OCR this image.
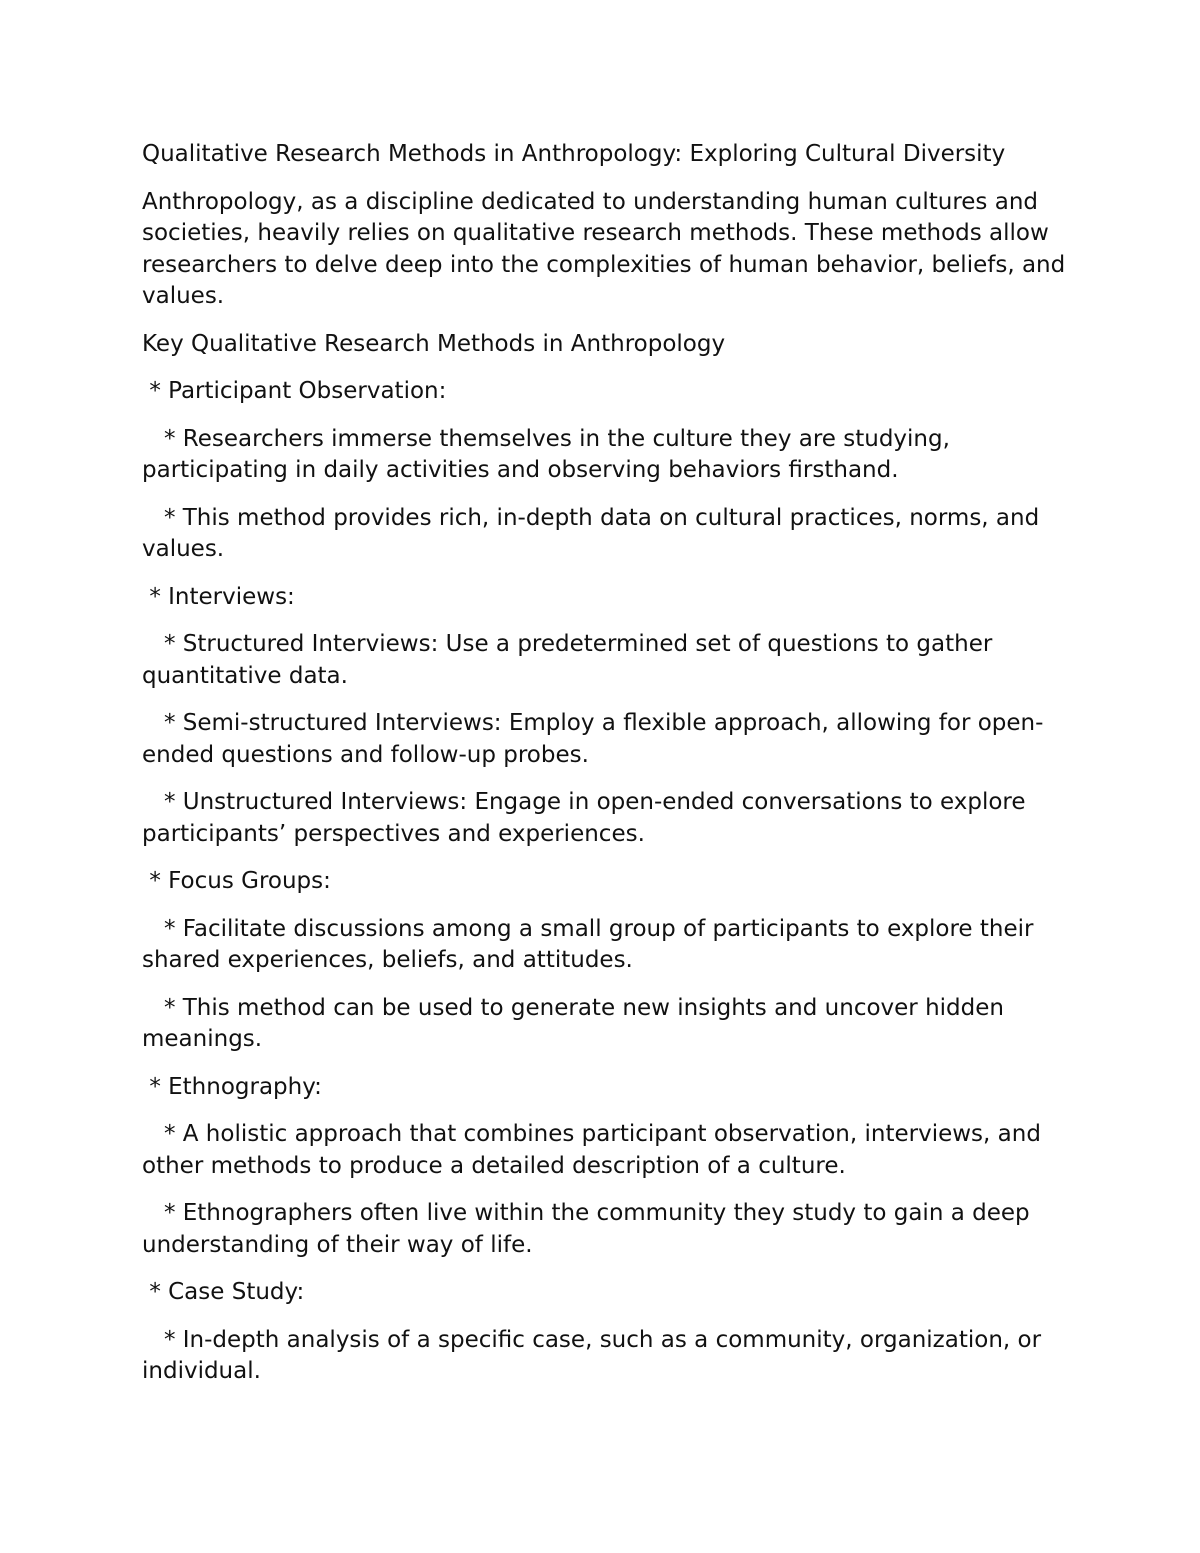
Qualitative Research Methods in Anthropology: Exploring Cultural Diversity

Anthropology, as a discipline dedicated to understanding human cultures and societies, heavily relies on qualitative research methods. These methods allow researchers to delve deep into the complexities of human behavior, beliefs, and values.

Key Qualitative Research Methods in Anthropology

* Participant Observation:

* Researchers immerse themselves in the culture they are studying, participating in daily activities and observing behaviors firsthand.

* This method provides rich, in-depth data on cultural practices, norms, and values.

* Interviews:

* Structured Interviews: Use a predetermined set of questions to gather quantitative data.

* Semi-structured Interviews: Employ a flexible approach, allowing for open-ended questions and follow-up probes.

* Unstructured Interviews: Engage in open-ended conversations to explore participants’ perspectives and experiences.

* Focus Groups:

* Facilitate discussions among a small group of participants to explore their shared experiences, beliefs, and attitudes.

* This method can be used to generate new insights and uncover hidden meanings.

* Ethnography:

* A holistic approach that combines participant observation, interviews, and other methods to produce a detailed description of a culture.

* Ethnographers often live within the community they study to gain a deep understanding of their way of life.

* Case Study:

* In-depth analysis of a specific case, such as a community, organization, or individual.
